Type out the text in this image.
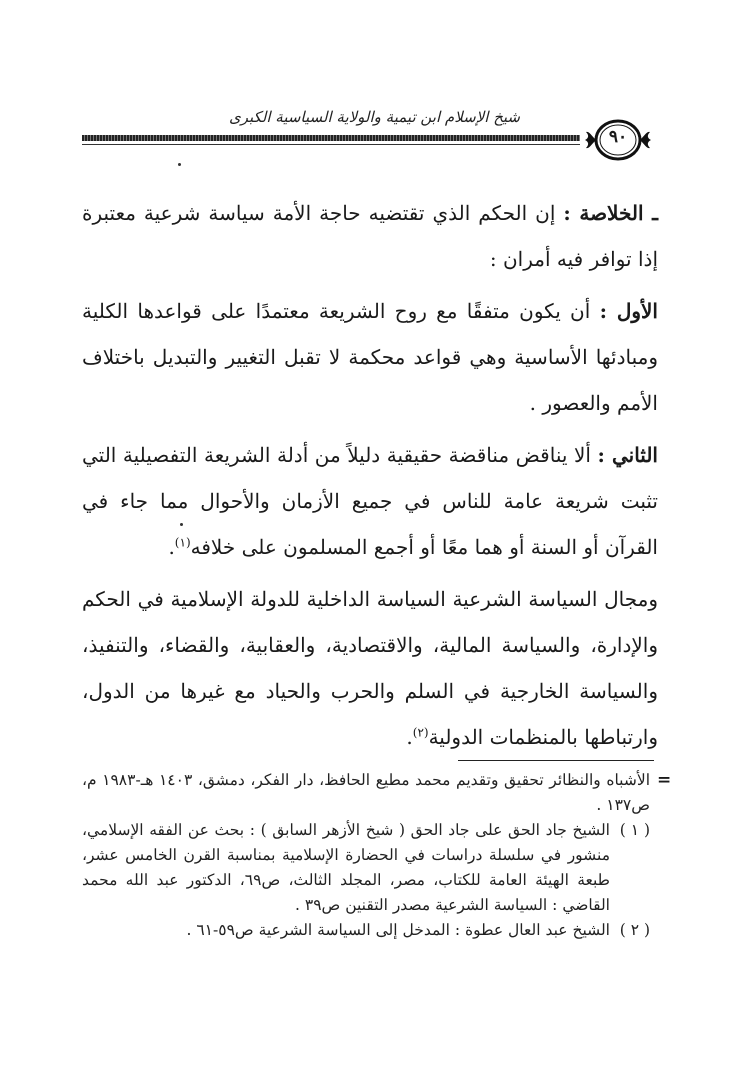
شيخ الإسلام ابن تيمية والولاية السياسية الكبرى
٩٠

ـ الخلاصة : إن الحكم الذي تقتضيه حاجة الأمة سياسة شرعية معتبرة إذا توافر فيه أمران :

الأول : أن يكون متفقًا مع روح الشريعة معتمدًا على قواعدها الكلية ومبادئها الأساسية وهي قواعد محكمة لا تقبل التغيير والتبديل باختلاف الأمم والعصور .

الثاني : ألا يناقض مناقضة حقيقية دليلاً من أدلة الشريعة التفصيلية التي تثبت شريعة عامة للناس في جميع الأزمان والأحوال مما جاء في القرآن أو السنة أو هما معًا أو أجمع المسلمون على خلافه$^{(١)}$.

ومجال السياسة الشرعية السياسة الداخلية للدولة الإسلامية في الحكم والإدارة، والسياسة المالية، والاقتصادية، والعقابية، والقضاء، والتنفيذ، والسياسة الخارجية في السلم والحرب والحياد مع غيرها من الدول، وارتباطها بالمنظمات الدولية$^{(٢)}$.

=

الأشباه والنظائر تحقيق وتقديم محمد مطيع الحافظ، دار الفكر، دمشق، ١٤٠٣ هـ-١٩٨٣ م، ص١٣٧ .

( ١ )
الشيخ جاد الحق على جاد الحق ( شيخ الأزهر السابق ) : بحث عن الفقه الإسلامي، منشور في سلسلة دراسات في الحضارة الإسلامية بمناسبة القرن الخامس عشر، طبعة الهيئة العامة للكتاب، مصر، المجلد الثالث، ص٦٩، الدكتور عبد الله محمد القاضي : السياسة الشرعية مصدر التقنين ص٣٩ .

( ٢ )
الشيخ عبد العال عطوة : المدخل إلى السياسة الشرعية ص٥٩-٦١ .
